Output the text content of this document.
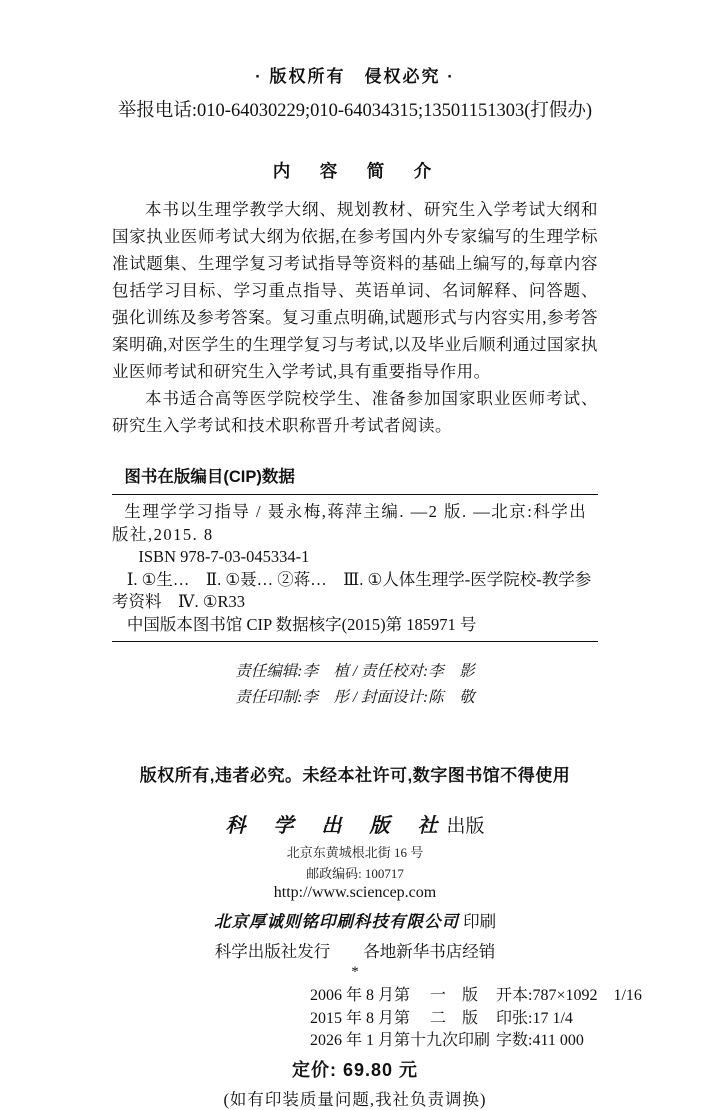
· 版权所有　侵权必究 ·
举报电话:010-64030229;010-64034315;13501151303(打假办)
内　容　简　介

本书以生理学教学大纲、规划教材、研究生入学考试大纲和国家执业医师考试大纲为依据,在参考国内外专家编写的生理学标准试题集、生理学复习考试指导等资料的基础上编写的,每章内容包括学习目标、学习重点指导、英语单词、名词解释、问答题、强化训练及参考答案。复习重点明确,试题形式与内容实用,参考答案明确,对医学生的生理学复习与考试,以及毕业后顺利通过国家执业医师考试和研究生入学考试,具有重要指导作用。

本书适合高等医学院校学生、准备参加国家职业医师考试、研究生入学考试和技术职称晋升考试者阅读。

图书在版编目(CIP)数据

生理学学习指导 / 聂永梅,蒋萍主编. —2 版. —北京:科学出版社,2015. 8

ISBN 978-7-03-045334-1

Ⅰ. ①生…　Ⅱ. ①聂… ②蒋…　Ⅲ. ①人体生理学-医学院校-教学参考资料　Ⅳ. ①R33

中国版本图书馆 CIP 数据核字(2015)第 185971 号

责任编辑:李　植 / 责任校对:李　影
责任印制:李　彤 / 封面设计:陈　敬
版权所有,违者必究。未经本社许可,数字图书馆不得使用
科　学　出　版　社 出版
北京东黄城根北街 16 号
邮政编码: 100717
http://www.sciencep.com
北京厚诚则铭印刷科技有限公司 印刷
科学出版社发行　　各地新华书店经销
*
2006 年 8 月第　 一　版	开本:787×1092　1/16
2015 年 8 月第　 二　版	印张:17 1/4
2026 年 1 月第十九次印刷 字数:411 000
定价: 69.80 元
(如有印装质量问题,我社负责调换)
